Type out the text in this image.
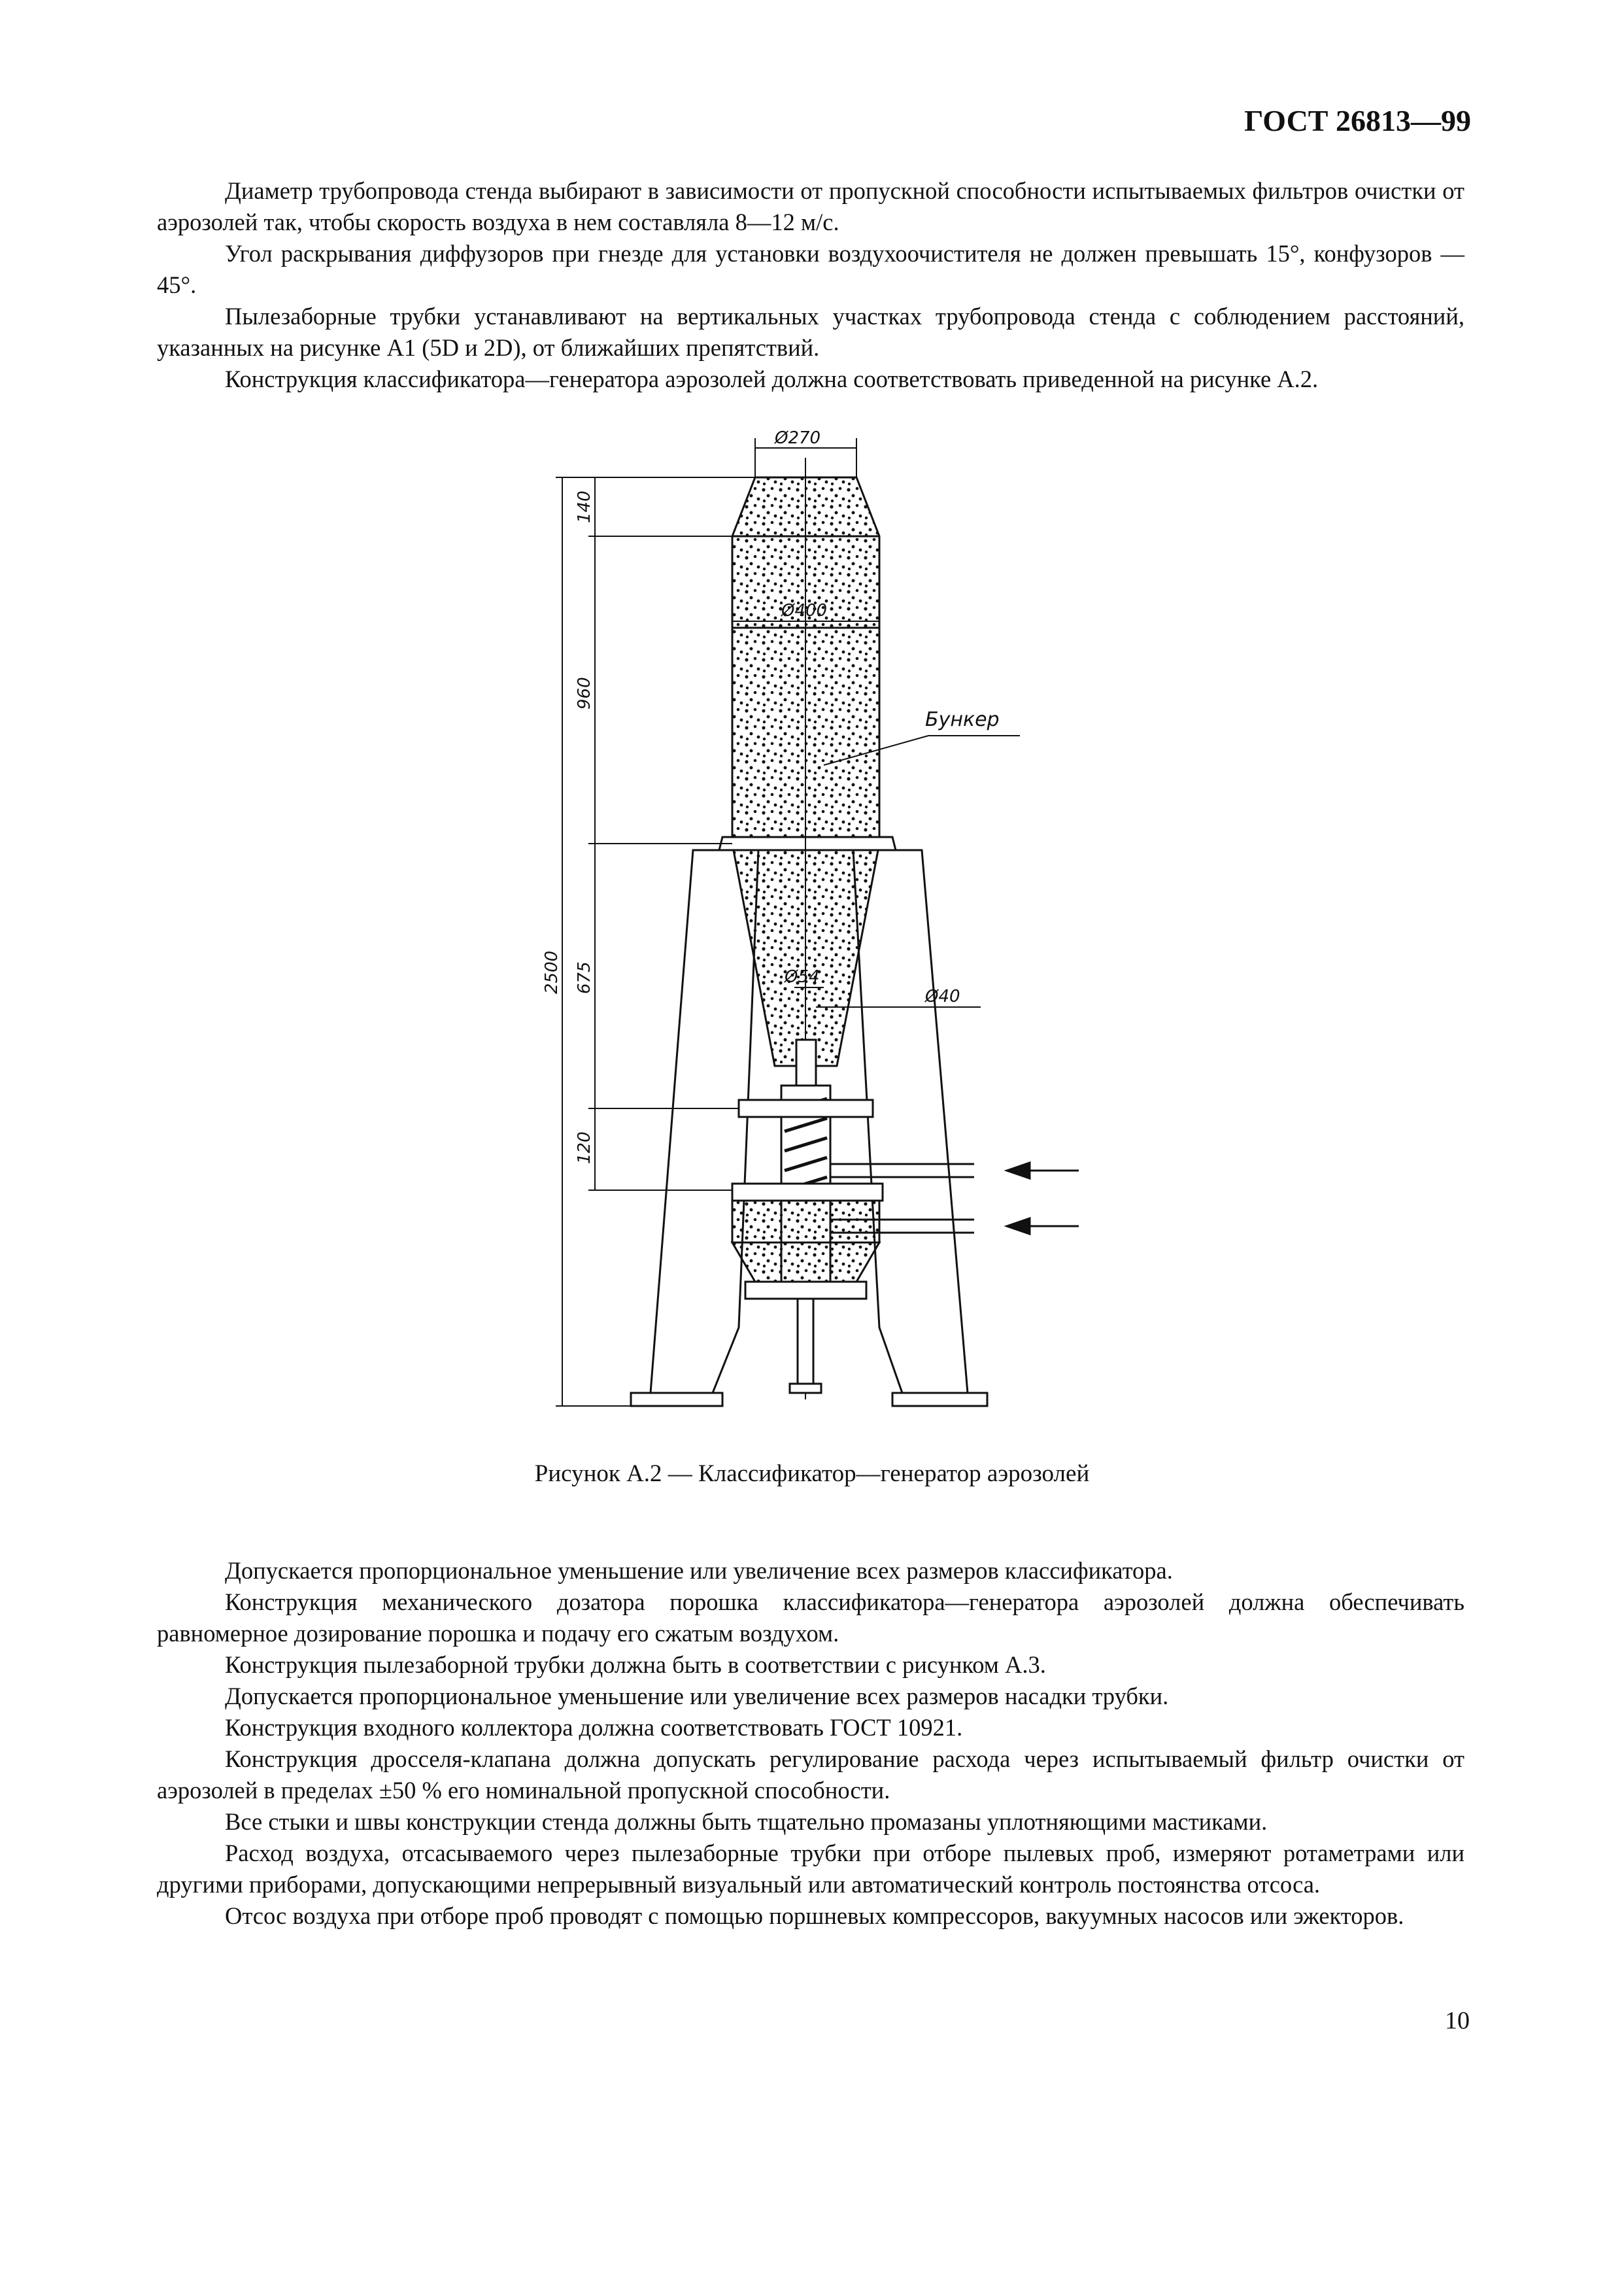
ГОСТ 26813—99

Диаметр трубопровода стенда выбирают в зависимости от пропускной способности испытываемых фильтров очистки от аэрозолей так, чтобы скорость воздуха в нем составляла 8—12 м/с.

Угол раскрывания диффузоров при гнезде для установки воздухоочистителя не должен превышать 15°, конфузоров — 45°.

Пылезаборные трубки устанавливают на вертикальных участках трубопровода стенда с соблюдением расстояний, указанных на рисунке А1 (5D и 2D), от ближайших препятствий.

Конструкция классификатора—генератора аэрозолей должна соответствовать приведенной на рисунке А.2.

Ø270
Ø400
Ø54
Ø40
Бункер
2500
140
960
675
120
Рисунок А.2 — Классификатор—генератор аэрозолей

Допускается пропорциональное уменьшение или увеличение всех размеров классификатора.

Конструкция механического дозатора порошка классификатора—генератора аэрозолей должна обеспечивать равномерное дозирование порошка и подачу его сжатым воздухом.

Конструкция пылезаборной трубки должна быть в соответствии с рисунком А.3.

Допускается пропорциональное уменьшение или увеличение всех размеров насадки трубки.

Конструкция входного коллектора должна соответствовать ГОСТ 10921.

Конструкция дросселя-клапана должна допускать регулирование расхода через испытываемый фильтр очистки от аэрозолей в пределах ±50 % его номинальной пропускной способности.

Все стыки и швы конструкции стенда должны быть тщательно промазаны уплотняющими мастиками.

Расход воздуха, отсасываемого через пылезаборные трубки при отборе пылевых проб, измеряют ротаметрами или другими приборами, допускающими непрерывный визуальный или автоматический контроль постоянства отсоса.

Отсос воздуха при отборе проб проводят с помощью поршневых компрессоров, вакуумных насосов или эжекторов.

10
